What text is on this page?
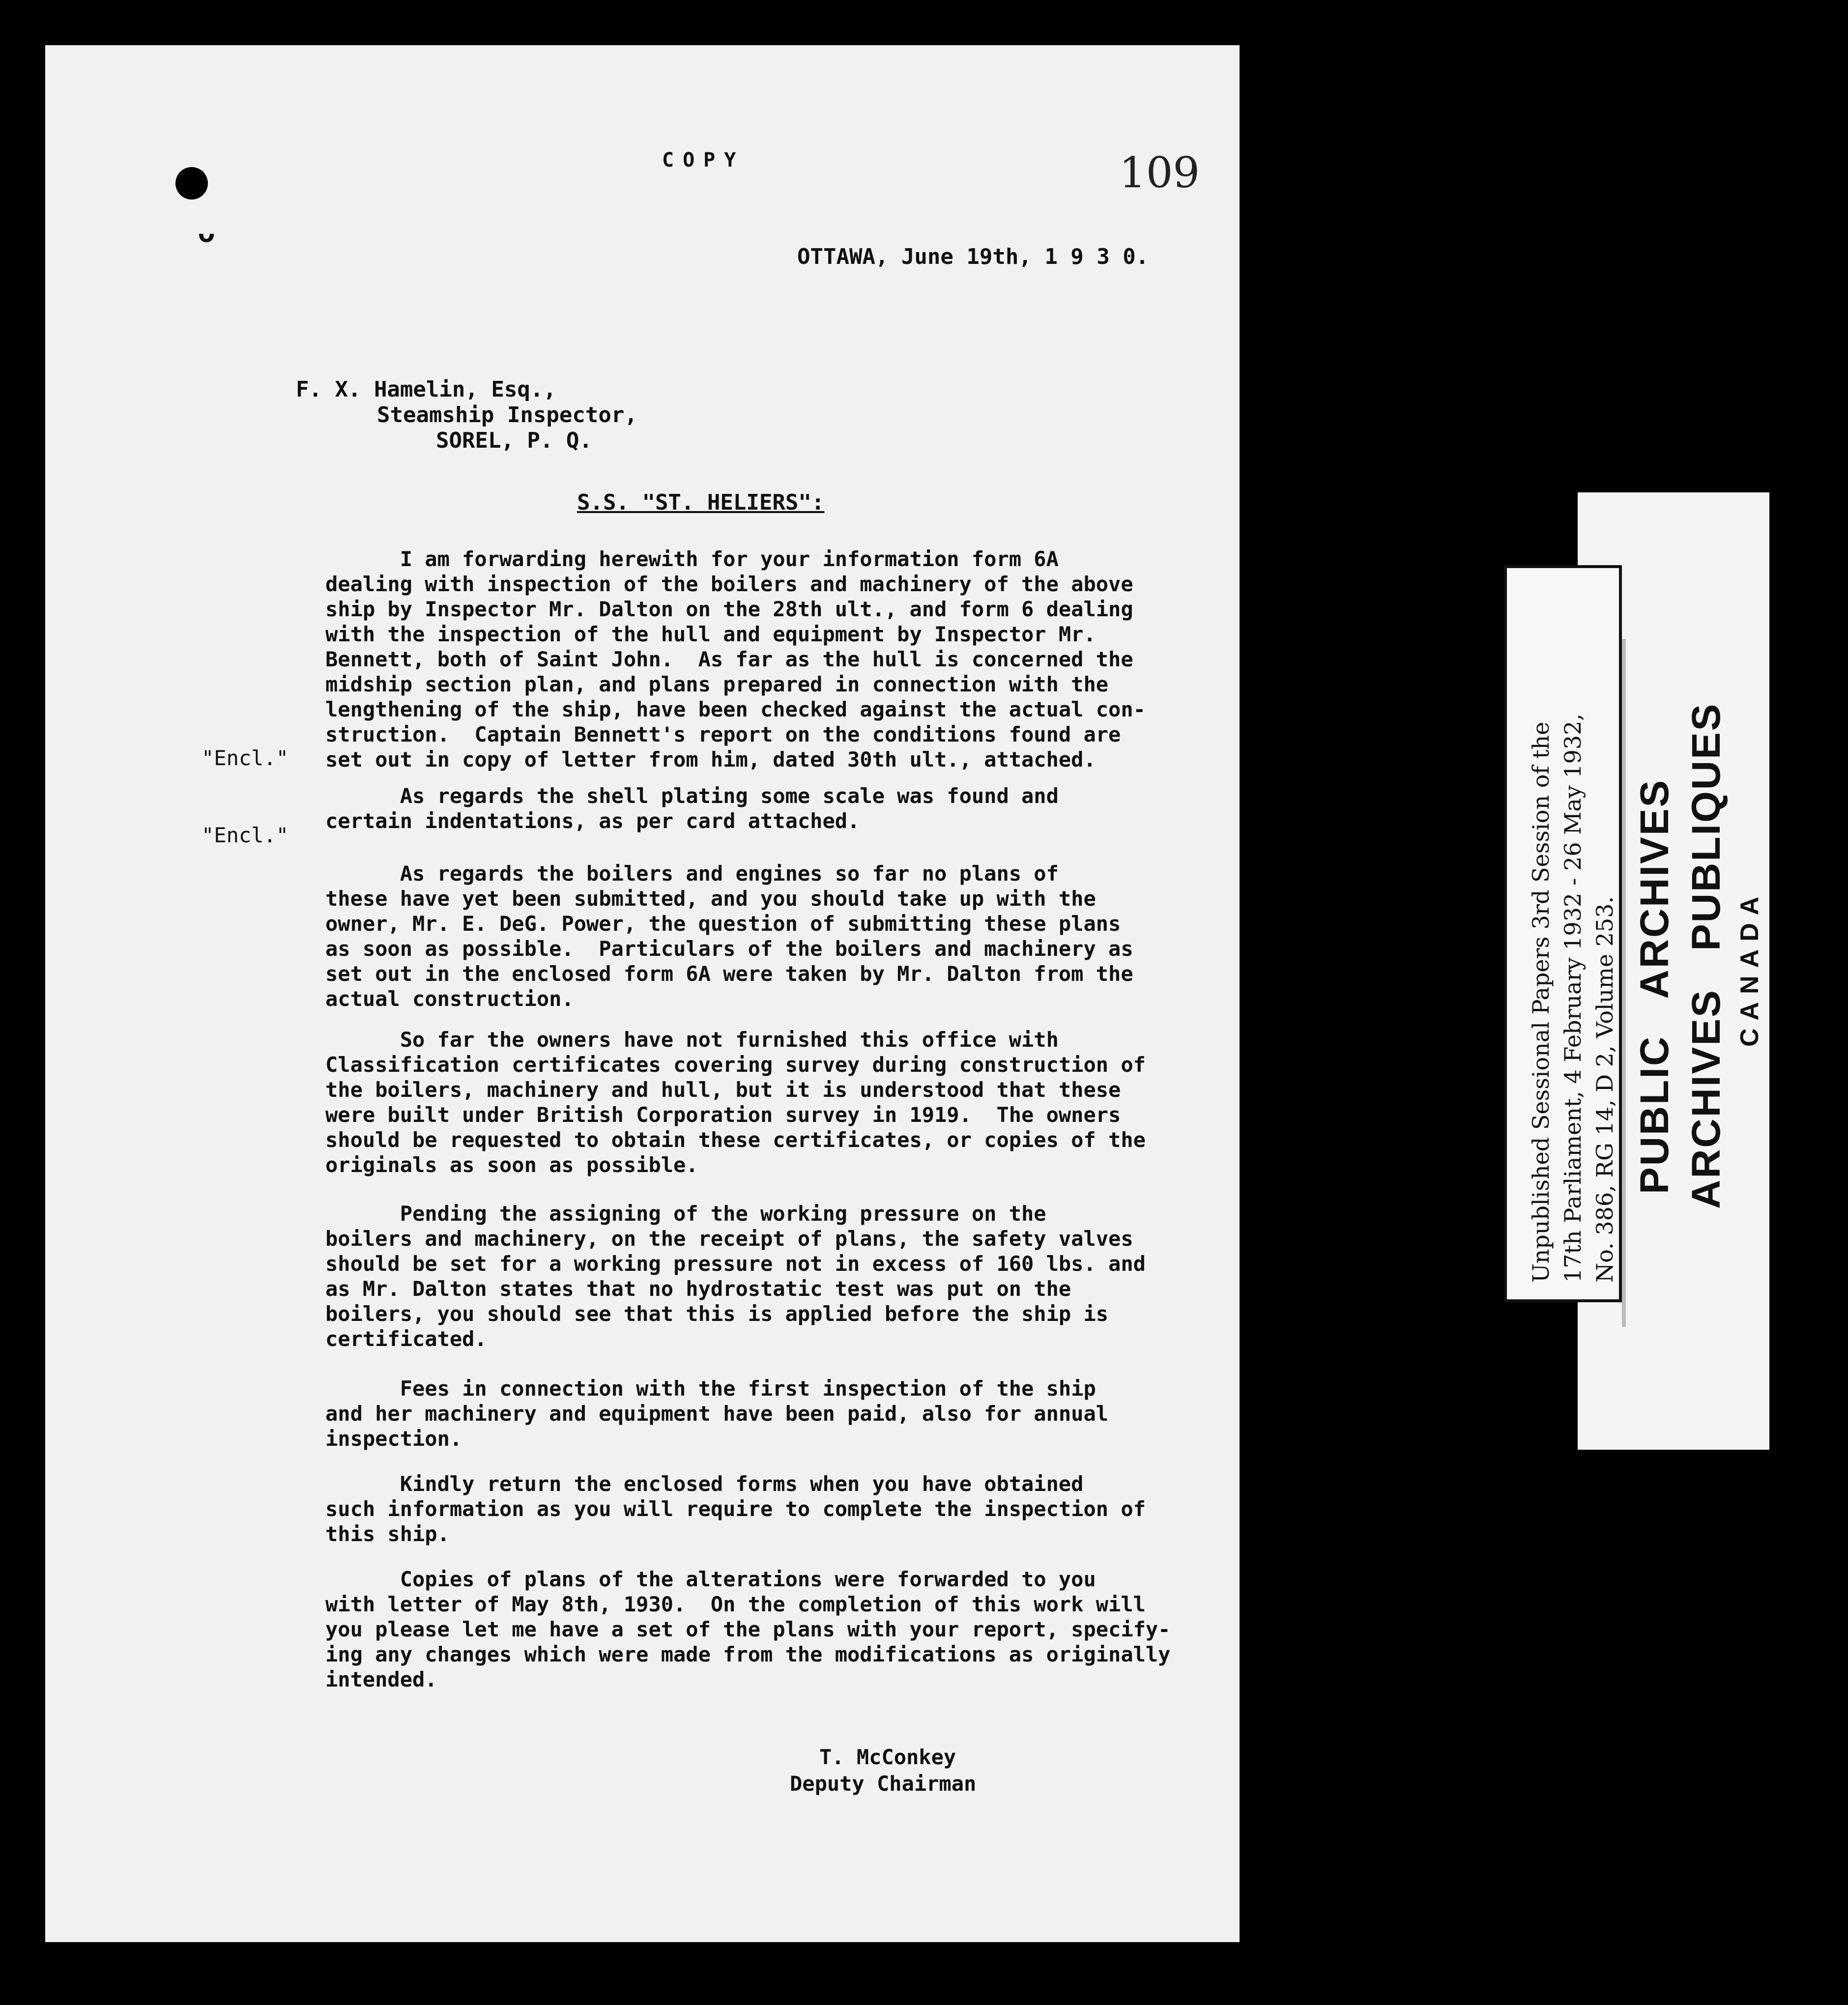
ᴗ
COPY	109
OTTAWA, June 19th, 1 9 3 0.
F. X. Hamelin, Esq.,
Steamship Inspector,
SOREL, P. Q.
S.S. "ST. HELIERS":
"Encl."
"Encl."
I am forwarding herewith for your information form 6A
dealing with inspection of the boilers and machinery of the above
ship by Inspector Mr. Dalton on the 28th ult., and form 6 dealing
with the inspection of the hull and equipment by Inspector Mr.
Bennett, both of Saint John.  As far as the hull is concerned the
midship section plan, and plans prepared in connection with the
lengthening of the ship, have been checked against the actual con-
struction.  Captain Bennett's report on the conditions found are
set out in copy of letter from him, dated 30th ult., attached.
As regards the shell plating some scale was found and
certain indentations, as per card attached.
As regards the boilers and engines so far no plans of
these have yet been submitted, and you should take up with the
owner, Mr. E. DeG. Power, the question of submitting these plans
as soon as possible.  Particulars of the boilers and machinery as
set out in the enclosed form 6A were taken by Mr. Dalton from the
actual construction.
So far the owners have not furnished this office with
Classification certificates covering survey during construction of
the boilers, machinery and hull, but it is understood that these
were built under British Corporation survey in 1919.  The owners
should be requested to obtain these certificates, or copies of the
originals as soon as possible.
Pending the assigning of the working pressure on the
boilers and machinery, on the receipt of plans, the safety valves
should be set for a working pressure not in excess of 160 lbs. and
as Mr. Dalton states that no hydrostatic test was put on the
boilers, you should see that this is applied before the ship is
certificated.
Fees in connection with the first inspection of the ship
and her machinery and equipment have been paid, also for annual
inspection.
Kindly return the enclosed forms when you have obtained
such information as you will require to complete the inspection of
this ship.
Copies of plans of the alterations were forwarded to you
with letter of May 8th, 1930.  On the completion of this work will
you please let me have a set of the plans with your report, specify-
ing any changes which were made from the modifications as originally
intended.
T. McConkey
Deputy Chairman
Unpublished Sessional Papers 3rd Session of the 17th Parliament, 4 February 1932 - 26 May 1932, No. 386, RG 14, D 2, Volume 253. PUBLIC   ARCHIVES ARCHIVES   PUBLIQUES CANADA
